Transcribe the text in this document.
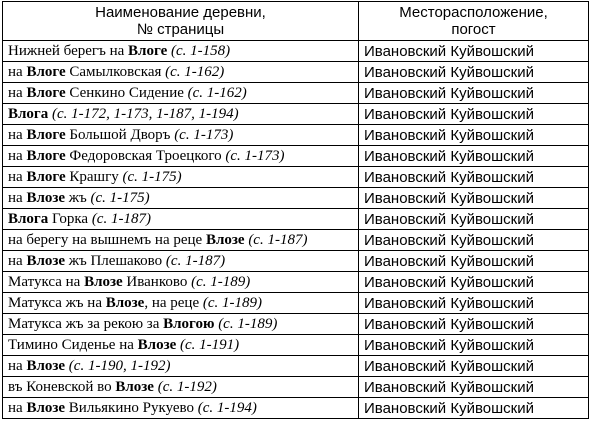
Наименование деревни,
№ страницы	Месторасположение,
погост
Нижней берегъ на Влоге (с. 1-158)	Ивановский Куйвошский
на Влоге Самылковская (с. 1-162)	Ивановский Куйвошский
на Влоге Сенкино Сидение (с. 1-162)	Ивановский Куйвошский
Влога (с. 1-172, 1-173, 1-187, 1-194)	Ивановский Куйвошский
на Влоге Большой Дворъ (с. 1-173)	Ивановский Куйвошский
на Влоге Федоровская Троецкого (с. 1-173)	Ивановский Куйвошский
на Влоге Крашгу (с. 1-175)	Ивановский Куйвошский
на Влозе жъ (с. 1-175)	Ивановский Куйвошский
Влога Горка (с. 1-187)	Ивановский Куйвошский
на берегу на вышнемъ на реце Влозе (с. 1-187)	Ивановский Куйвошский
на Влозе жъ Плешаково (с. 1-187)	Ивановский Куйвошский
Матукса на Влозе Иванково (с. 1-189)	Ивановский Куйвошский
Матукса жъ на Влозе, на реце (с. 1-189)	Ивановский Куйвошский
Матукса жъ за рекою за Влогою (с. 1-189)	Ивановский Куйвошский
Тимино Сиденье на Влозе (с. 1-191)	Ивановский Куйвошский
на Влозе (с. 1-190, 1-192)	Ивановский Куйвошский
въ Коневской во Влозе (с. 1-192)	Ивановский Куйвошский
на Влозе Вильякино Рукуево (с. 1-194)	Ивановский Куйвошский
